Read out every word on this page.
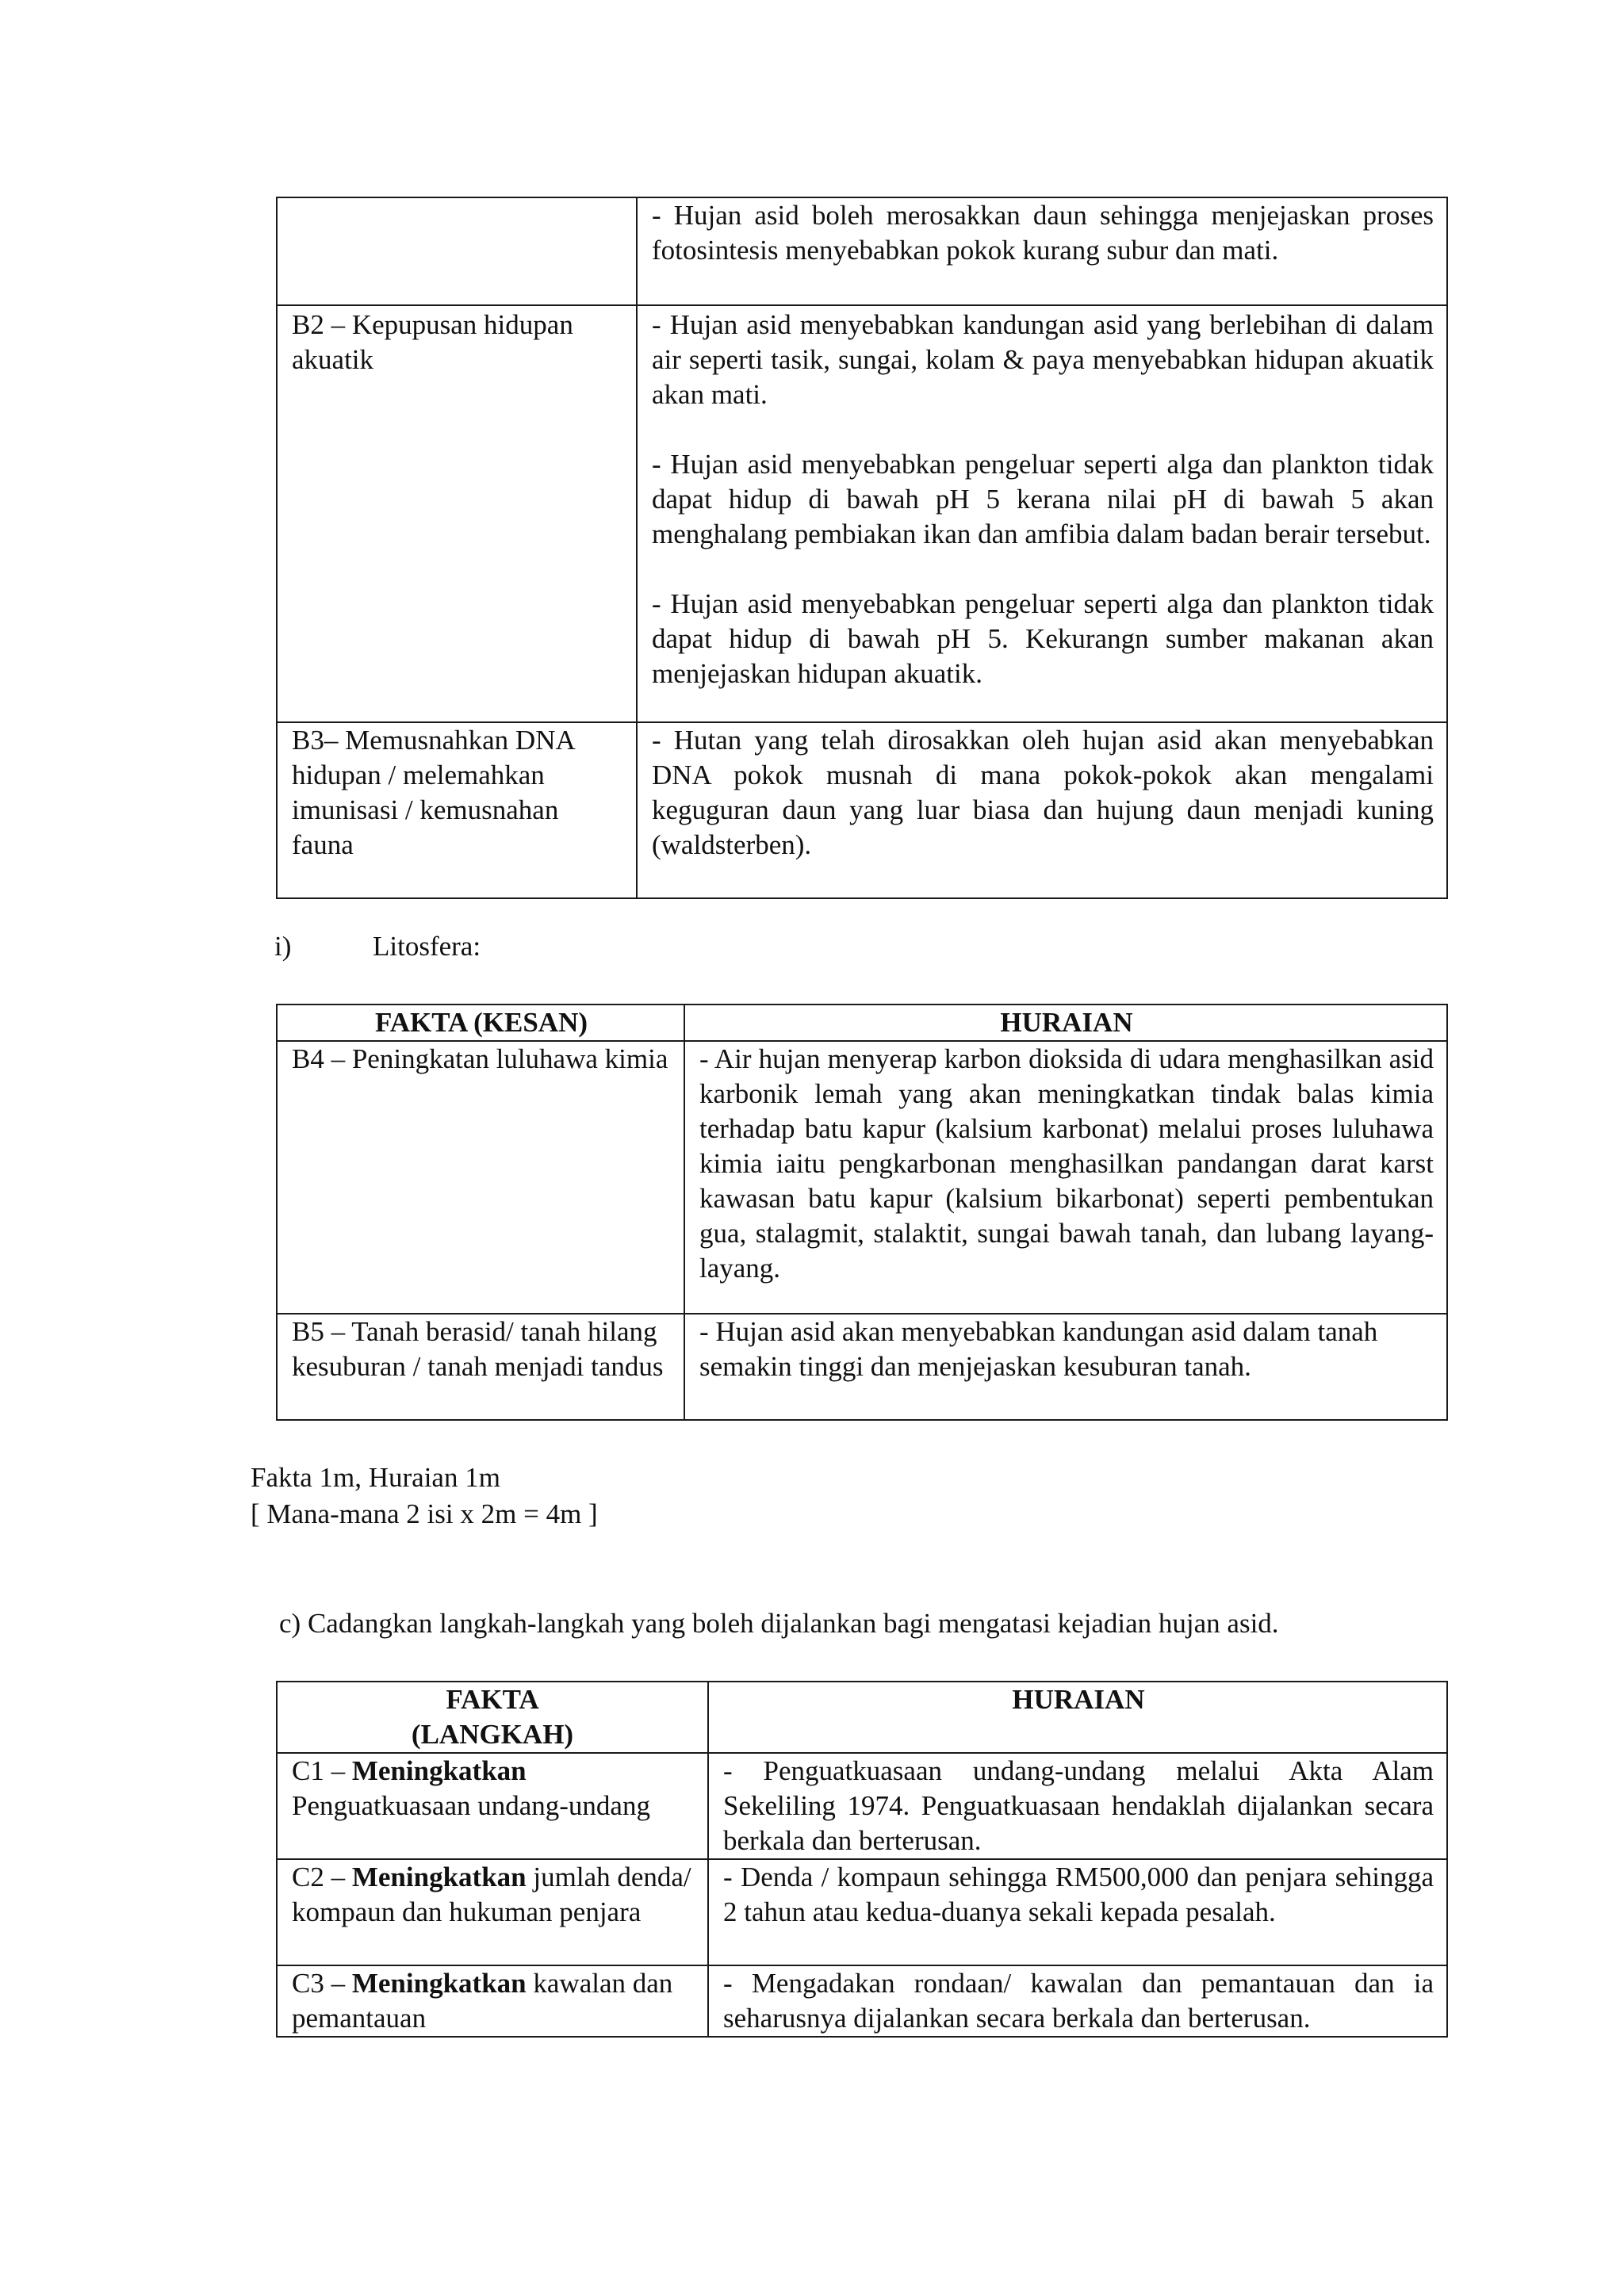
	- Hujan asid boleh merosakkan daun sehingga menjejaskan proses fotosintesis menyebabkan pokok kurang subur dan mati.

B2 – Kepupusan hidupan akuatik	- Hujan asid menyebabkan kandungan asid yang berlebihan di dalam air seperti tasik, sungai, kolam & paya menyebabkan hidupan akuatik akan mati.

- Hujan asid menyebabkan pengeluar seperti alga dan plankton tidak dapat hidup di bawah pH 5 kerana nilai pH di bawah 5 akan menghalang pembiakan ikan dan amfibia dalam badan berair tersebut.

- Hujan asid menyebabkan pengeluar seperti alga dan plankton tidak dapat hidup di bawah pH 5. Kekurangn sumber makanan akan menjejaskan hidupan akuatik.

B3– Memusnahkan DNA hidupan / melemahkan imunisasi / kemusnahan fauna	- Hutan yang telah dirosakkan oleh hujan asid akan menyebabkan DNA pokok musnah di mana pokok-pokok akan mengalami keguguran daun yang luar biasa dan hujung daun menjadi kuning (waldsterben).
i)	Litosfera:
FAKTA (KESAN)	HURAIAN
B4 – Peningkatan luluhawa kimia	- Air hujan menyerap karbon dioksida di udara menghasilkan asid karbonik lemah yang akan meningkatkan tindak balas kimia terhadap batu kapur (kalsium karbonat) melalui proses luluhawa kimia iaitu pengkarbonan menghasilkan pandangan darat karst kawasan batu kapur (kalsium bikarbonat) seperti pembentukan gua, stalagmit, stalaktit, sungai bawah tanah, dan lubang layang-layang.
B5 – Tanah berasid/ tanah hilang kesuburan / tanah menjadi tandus	- Hujan asid akan menyebabkan kandungan asid dalam tanah semakin tinggi dan menjejaskan kesuburan tanah.
Fakta 1m, Huraian 1m
[ Mana-mana 2 isi x 2m = 4m ]
c) Cadangkan langkah-langkah yang boleh dijalankan bagi mengatasi kejadian hujan asid.
FAKTA (LANGKAH)	HURAIAN
C1 – Meningkatkan Penguatkuasaan undang-undang	- Penguatkuasaan undang-undang melalui Akta Alam Sekeliling 1974. Penguatkuasaan hendaklah dijalankan secara berkala dan berterusan.
C2 – Meningkatkan jumlah denda/ kompaun dan hukuman penjara	- Denda / kompaun sehingga RM500,000 dan penjara sehingga 2 tahun atau kedua-duanya sekali kepada pesalah.
C3 – Meningkatkan kawalan dan pemantauan	- Mengadakan rondaan/ kawalan dan pemantauan dan ia seharusnya dijalankan secara berkala dan berterusan.
